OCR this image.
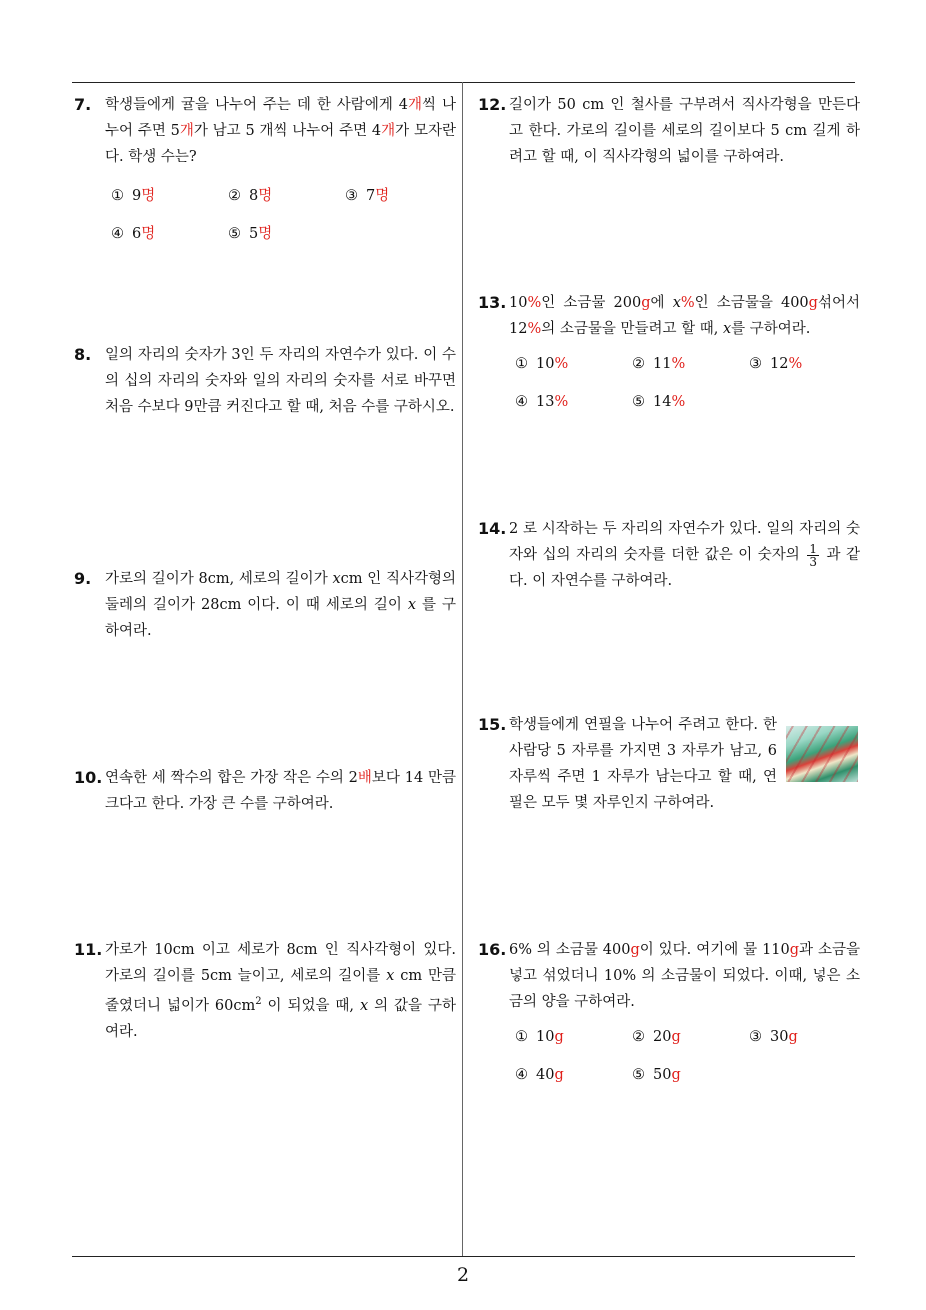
7. 학생들에게 귤을 나누어 주는 데 한 사람에게 4개씩 나누어 주면 5개가 남고 5 개씩 나누어 주면 4개가 모자란다. 학생 수는?
① 9명	② 8명	③ 7명
④ 6명	⑤ 5명
8. 일의 자리의 숫자가 3인 두 자리의 자연수가 있다. 이 수의 십의 자리의 숫자와 일의 자리의 숫자를 서로 바꾸면 처음 수보다 9만큼 커진다고 할 때, 처음 수를 구하시오.
9. 가로의 길이가 8cm, 세로의 길이가 xcm 인 직사각형의 둘레의 길이가 28cm 이다. 이 때 세로의 길이 x 를 구하여라.
10. 연속한 세 짝수의 합은 가장 작은 수의 2배보다 14 만큼 크다고 한다. 가장 큰 수를 구하여라.
11. 가로가 10cm 이고 세로가 8cm 인 직사각형이 있다. 가로의 길이를 5cm 늘이고, 세로의 길이를 x cm 만큼 줄였더니 넓이가 $60cm^2$ 이 되었을 때, x 의 값을 구하여라.
12. 길이가 50 cm 인 철사를 구부려서 직사각형을 만든다고 한다. 가로의 길이를 세로의 길이보다 5 cm 길게 하려고 할 때, 이 직사각형의 넓이를 구하여라.
13. 10%인 소금물 200g에 x%인 소금물을 400g섞어서 12%의 소금물을 만들려고 할 때, x를 구하여라.
① 10%	② 11%	③ 12%
④ 13%	⑤ 14%
14. 2 로 시작하는 두 자리의 자연수가 있다. 일의 자리의 숫자와 십의 자리의 숫자를 더한 값은 이 숫자의 $\frac{1}{3}$ 과 같다. 이 자연수를 구하여라.
15. 학생들에게 연필을 나누어 주려고 한다. 한 사람당 5 자루를 가지면 3 자루가 남고, 6 자루씩 주면 1 자루가 남는다고 할 때, 연필은 모두 몇 자루인지 구하여라.
16. 6% 의 소금물 400g이 있다. 여기에 물 110g과 소금을 넣고 섞었더니 10% 의 소금물이 되었다. 이때, 넣은 소금의 양을 구하여라.
① 10g	② 20g	③ 30g
④ 40g	⑤ 50g
2
